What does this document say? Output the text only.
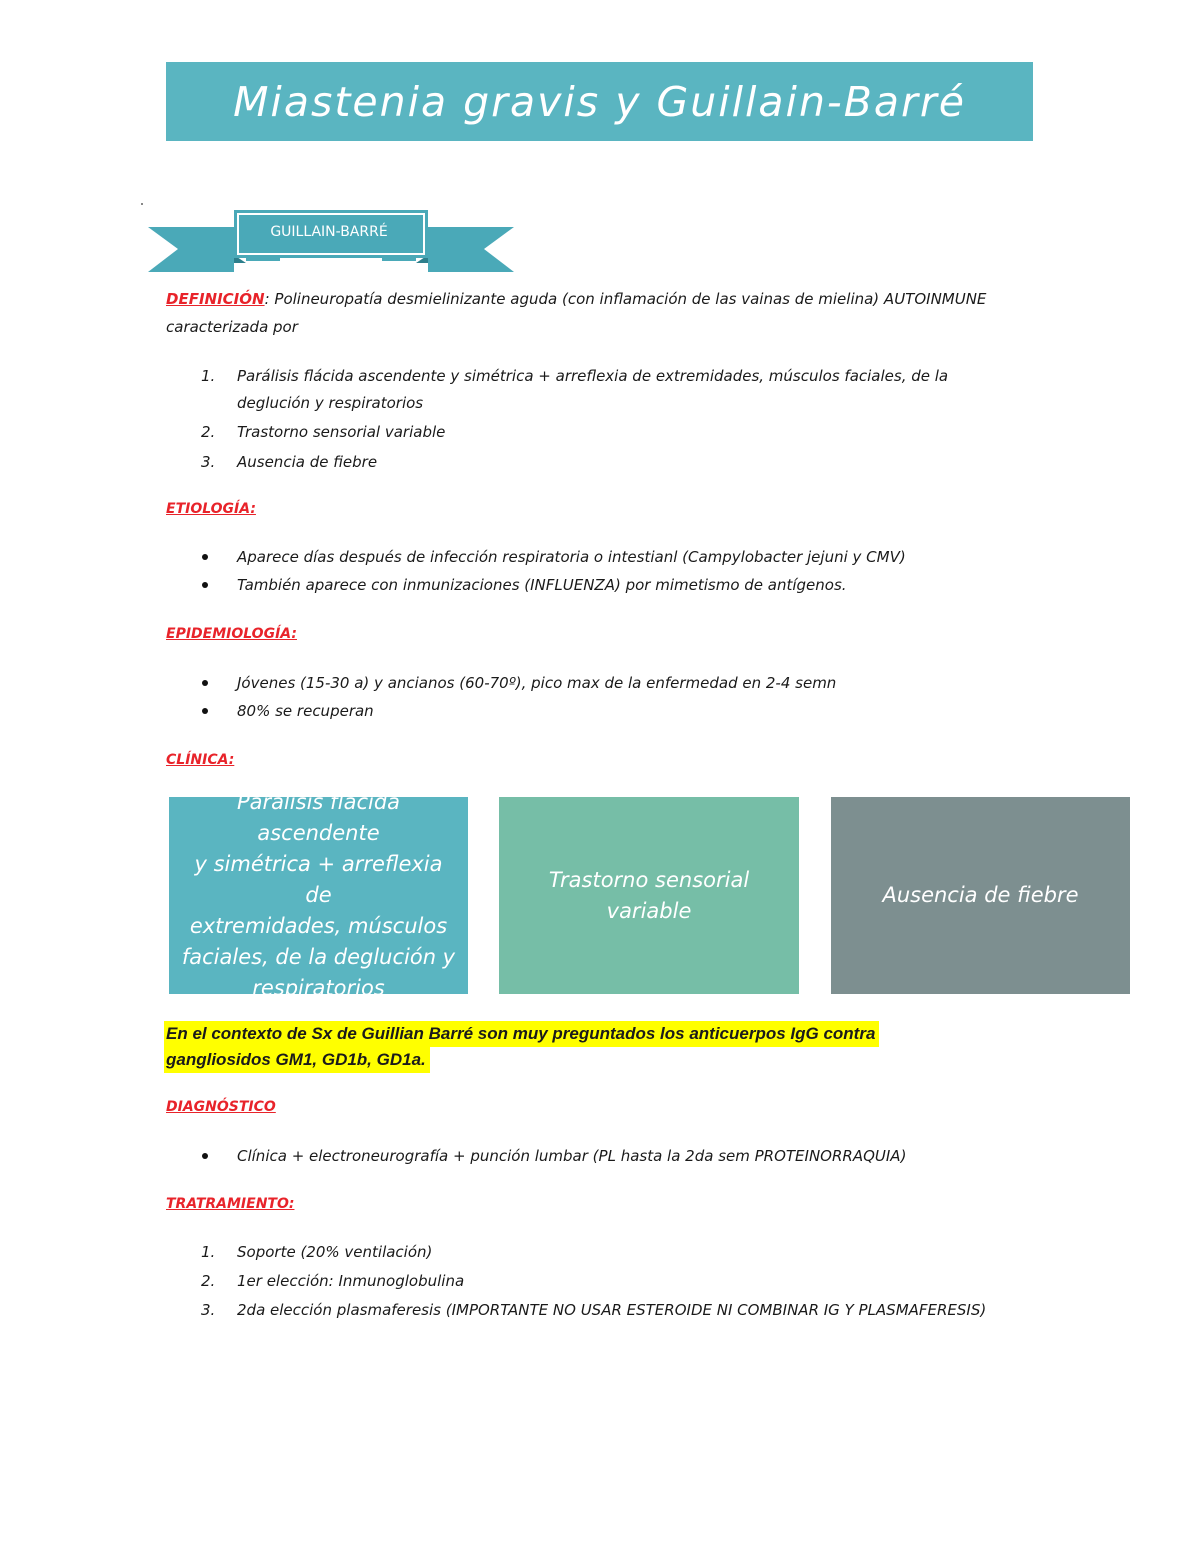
Miastenia gravis y Guillain-Barré
GUILLAIN-BARRÉ
DEFINICIÓN: Polineuropatía desmielinizante aguda (con inflamación de las vainas de mielina) AUTOINMUNE
caracterizada por
1. Parálisis flácida ascendente y simétrica + arreflexia de extremidades, músculos faciales, de la
deglución y respiratorios
2. Trastorno sensorial variable
3. Ausencia de fiebre
ETIOLOGÍA:
Aparece días después de infección respiratoria o intestianl (Campylobacter jejuni y CMV)
También aparece con inmunizaciones (INFLUENZA) por mimetismo de antígenos.
EPIDEMIOLOGÍA:
Jóvenes (15-30 a) y ancianos (60-70º), pico max de la enfermedad en 2-4 semn
80% se recuperan
CLÍNICA:
Parálisis flácida ascendente
y simétrica + arreflexia de
extremidades, músculos
faciales, de la deglución y
respiratorios
Trastorno sensorial variable
Ausencia de fiebre
En el contexto de Sx de Guillian Barré son muy preguntados los anticuerpos IgG contra
gangliosidos GM1, GD1b, GD1a.
DIAGNÓSTICO
Clínica + electroneurografía + punción lumbar (PL hasta la 2da sem PROTEINORRAQUIA)
TRATRAMIENTO:
1. Soporte (20% ventilación)
2. 1er elección: Inmunoglobulina
3. 2da elección plasmaferesis (IMPORTANTE NO USAR ESTEROIDE NI COMBINAR IG Y PLASMAFERESIS)
